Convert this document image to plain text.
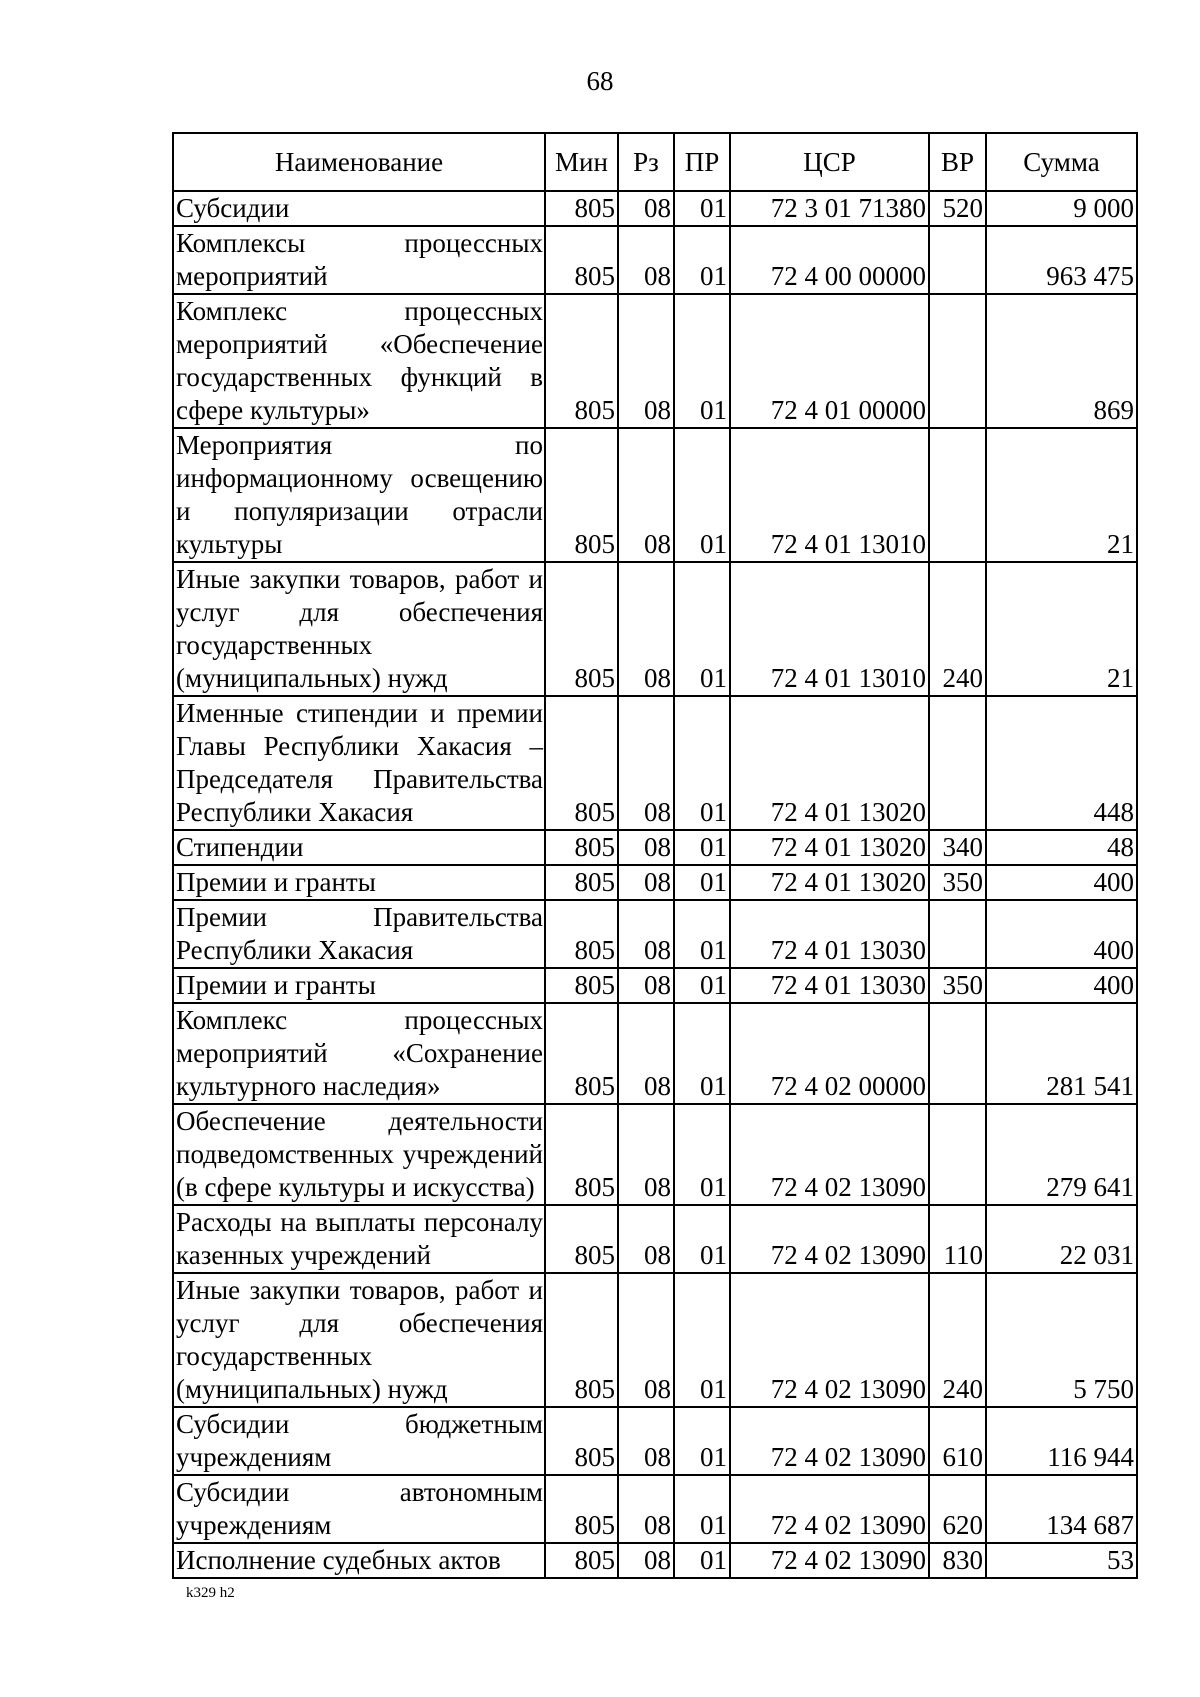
68
Наименование	Мин	Рз	ПР	ЦСР	ВР	Сумма
Субсидии	805	08	01	72 3 01 71380	520	9 000
Комплексы процессных мероприятий	805	08	01	72 4 00 00000		963 475
Комплекс процессных мероприятий «Обеспечение государственных функций в сфере культуры»	805	08	01	72 4 01 00000		869
Мероприятия по информационному освещению и популяризации отрасли культуры	805	08	01	72 4 01 13010		21
Иные закупки товаров, работ и услуг для обеспечения государственных (муниципальных) нужд	805	08	01	72 4 01 13010	240	21
Именные стипендии и премии Главы Республики Хакасия – Председателя Правительства Республики Хакасия	805	08	01	72 4 01 13020		448
Стипендии	805	08	01	72 4 01 13020	340	48
Премии и гранты	805	08	01	72 4 01 13020	350	400
Премии Правительства Республики Хакасия	805	08	01	72 4 01 13030		400
Премии и гранты	805	08	01	72 4 01 13030	350	400
Комплекс процессных мероприятий «Сохранение культурного наследия»	805	08	01	72 4 02 00000		281 541
Обеспечение деятельности подведомственных учреждений (в сфере культуры и искусства)	805	08	01	72 4 02 13090		279 641
Расходы на выплаты персоналу казенных учреждений	805	08	01	72 4 02 13090	110	22 031
Иные закупки товаров, работ и услуг для обеспечения государственных (муниципальных) нужд	805	08	01	72 4 02 13090	240	5 750
Субсидии бюджетным учреждениям	805	08	01	72 4 02 13090	610	116 944
Субсидии автономным учреждениям	805	08	01	72 4 02 13090	620	134 687
Исполнение судебных актов	805	08	01	72 4 02 13090	830	53
k329 h2
